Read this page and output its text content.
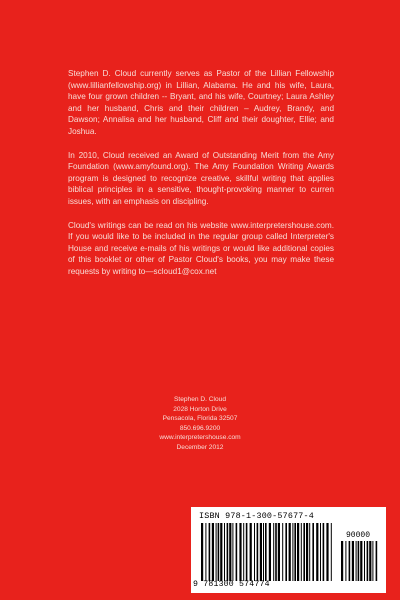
Stephen D. Cloud currently serves as Pastor of the Lillian Fellowship (www.lillianfellowship.org) in Lillian, Alabama. He and his wife, Laura, have four grown children -- Bryant, and his wife, Courtney; Laura Ashley and her husband, Chris and their children – Audrey, Brandy, and Dawson; Annalisa and her husband, Cliff and their doughter, Ellie; and Joshua.

In 2010, Cloud received an Award of Outstanding Merit from the Amy Foundation (www.amyfound.org). The Amy Foundation Writing Awards program is designed to recognize creative, skillful writing that applies biblical principles in a sensitive, thought-provoking manner to curren issues, with an emphasis on discipling.

Cloud's writings can be read on his website www.interpretershouse.com. If you would like to be included in the regular group called Interpreter's House and receive e-mails of his writings or would like additional copies of this booklet or other of Pastor Cloud's books, you may make these requests by writing to—scloud1@cox.net

Stephen D. Cloud
2028 Horton Drive
Pensacola, Florida 32507
850.696.9200
www.interpretershouse.com
December 2012
ISBN 978-1-300-57677-4
90000
9 781300 574774
